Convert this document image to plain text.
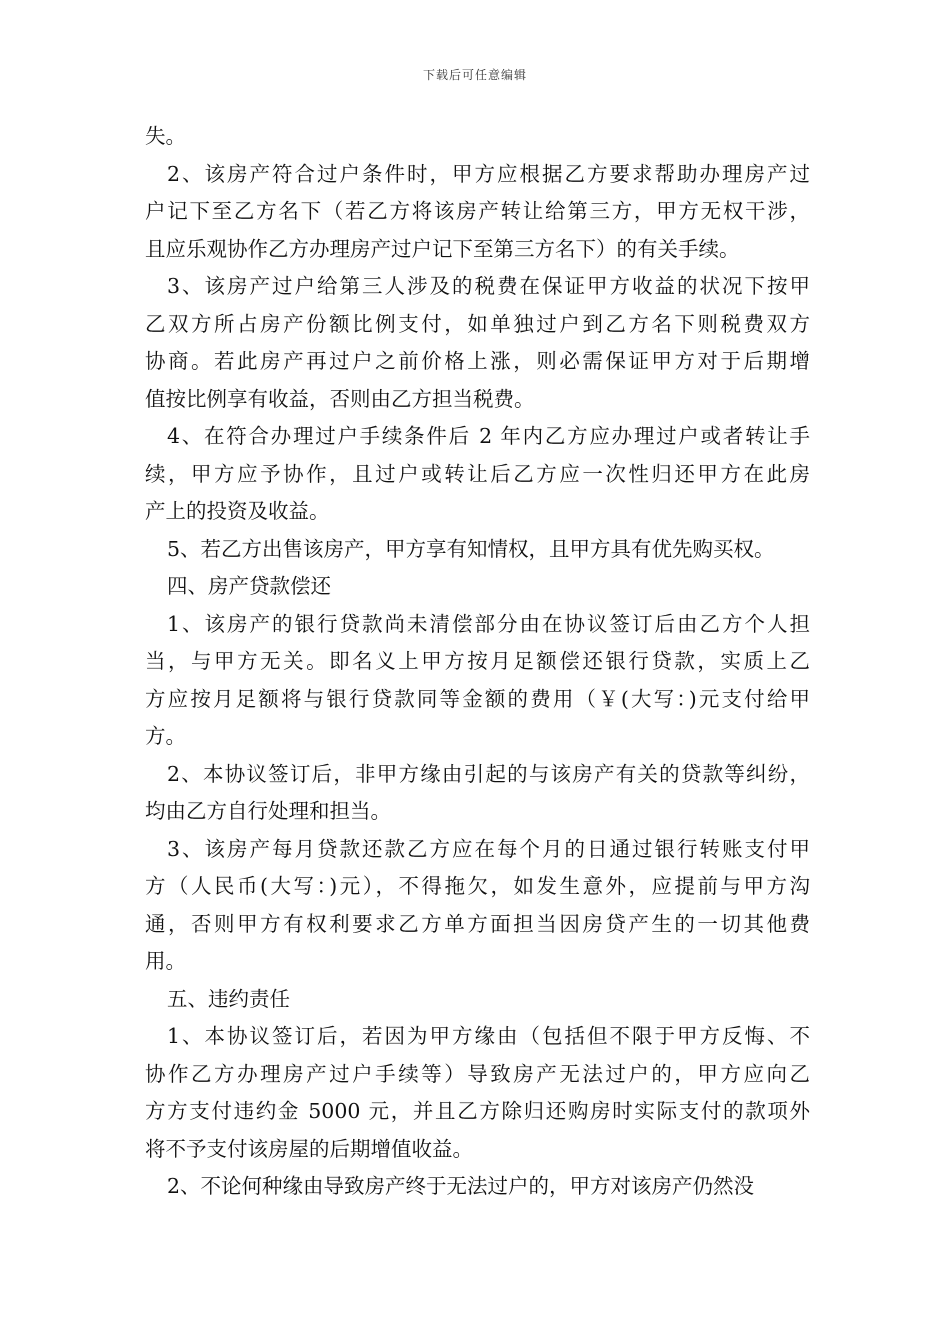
下载后可任意编辑
失。
2、该房产符合过户条件时，甲方应根据乙方要求帮助办理房产过
户记下至乙方名下（若乙方将该房产转让给第三方，甲方无权干涉，
且应乐观协作乙方办理房产过户记下至第三方名下）的有关手续。
3、该房产过户给第三人涉及的税费在保证甲方收益的状况下按甲
乙双方所占房产份额比例支付，如单独过户到乙方名下则税费双方
协商。若此房产再过户之前价格上涨，则必需保证甲方对于后期增
值按比例享有收益，否则由乙方担当税费。
4、在符合办理过户手续条件后 2 年内乙方应办理过户或者转让手
续，甲方应予协作，且过户或转让后乙方应一次性归还甲方在此房
产上的投资及收益。
5、若乙方出售该房产，甲方享有知情权，且甲方具有优先购买权。
四、房产贷款偿还
1、该房产的银行贷款尚未清偿部分由在协议签订后由乙方个人担
当，与甲方无关。即名义上甲方按月足额偿还银行贷款，实质上乙
方应按月足额将与银行贷款同等金额的费用（￥(大写：)元支付给甲
方。
2、本协议签订后，非甲方缘由引起的与该房产有关的贷款等纠纷，
均由乙方自行处理和担当。
3、该房产每月贷款还款乙方应在每个月的日通过银行转账支付甲
方（人民币(大写：)元），不得拖欠，如发生意外，应提前与甲方沟
通，否则甲方有权利要求乙方单方面担当因房贷产生的一切其他费
用。
五、违约责任
1、本协议签订后，若因为甲方缘由（包括但不限于甲方反悔、不
协作乙方办理房产过户手续等）导致房产无法过户的，甲方应向乙
方方支付违约金 5000 元，并且乙方除归还购房时实际支付的款项外
将不予支付该房屋的后期增值收益。
2、不论何种缘由导致房产终于无法过户的，甲方对该房产仍然没
